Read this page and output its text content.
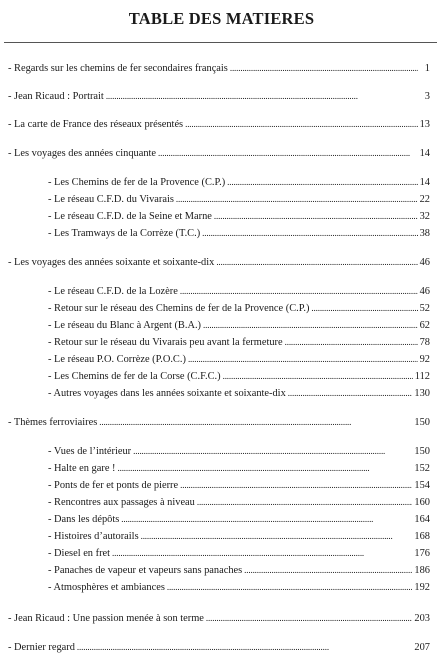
TABLE DES MATIERES
- Regards sur les chemins de fer secondaires français . . .	1
- Jean Ricaud : Portrait . . .	3
- La carte de France des réseaux présentés . . .	13
- Les voyages des années cinquante . . .	14
- Les Chemins de fer de la Provence (C.P.) . . .	14
- Le réseau C.F.D. du Vivarais . . .	22
- Le réseau C.F.D. de la Seine et Marne . . .	32
- Les Tramways de la Corrèze (T.C.) . . .	38
- Les voyages des années soixante et soixante-dix . . .	46
- Le réseau C.F.D. de la Lozère . . .	46
- Retour sur le réseau des Chemins de fer de la Provence (C.P.) . . .	52
- Le réseau du Blanc à Argent (B.A.) . . .	62
- Retour sur le réseau du Vivarais peu avant la fermeture . . .	78
- Le réseau P.O. Corrèze (P.O.C.) . . .	92
- Les Chemins de fer de la Corse (C.F.C.) . . .	112
- Autres voyages dans les années soixante et soixante-dix . . .	130
- Thèmes ferroviaires . . .	150
- Vues de l’intérieur . . .	150
- Halte en gare ! . . .	152
- Ponts de fer et ponts de pierre . . .	154
- Rencontres aux passages à niveau . . .	160
- Dans les dépôts . . .	164
- Histoires d’autorails . . .	168
- Diesel en fret . . .	176
- Panaches de vapeur et vapeurs sans panaches . . .	186
- Atmosphères et ambiances . . .	192
- Jean Ricaud : Une passion menée à son terme . . .	203
- Dernier regard . . .	207
